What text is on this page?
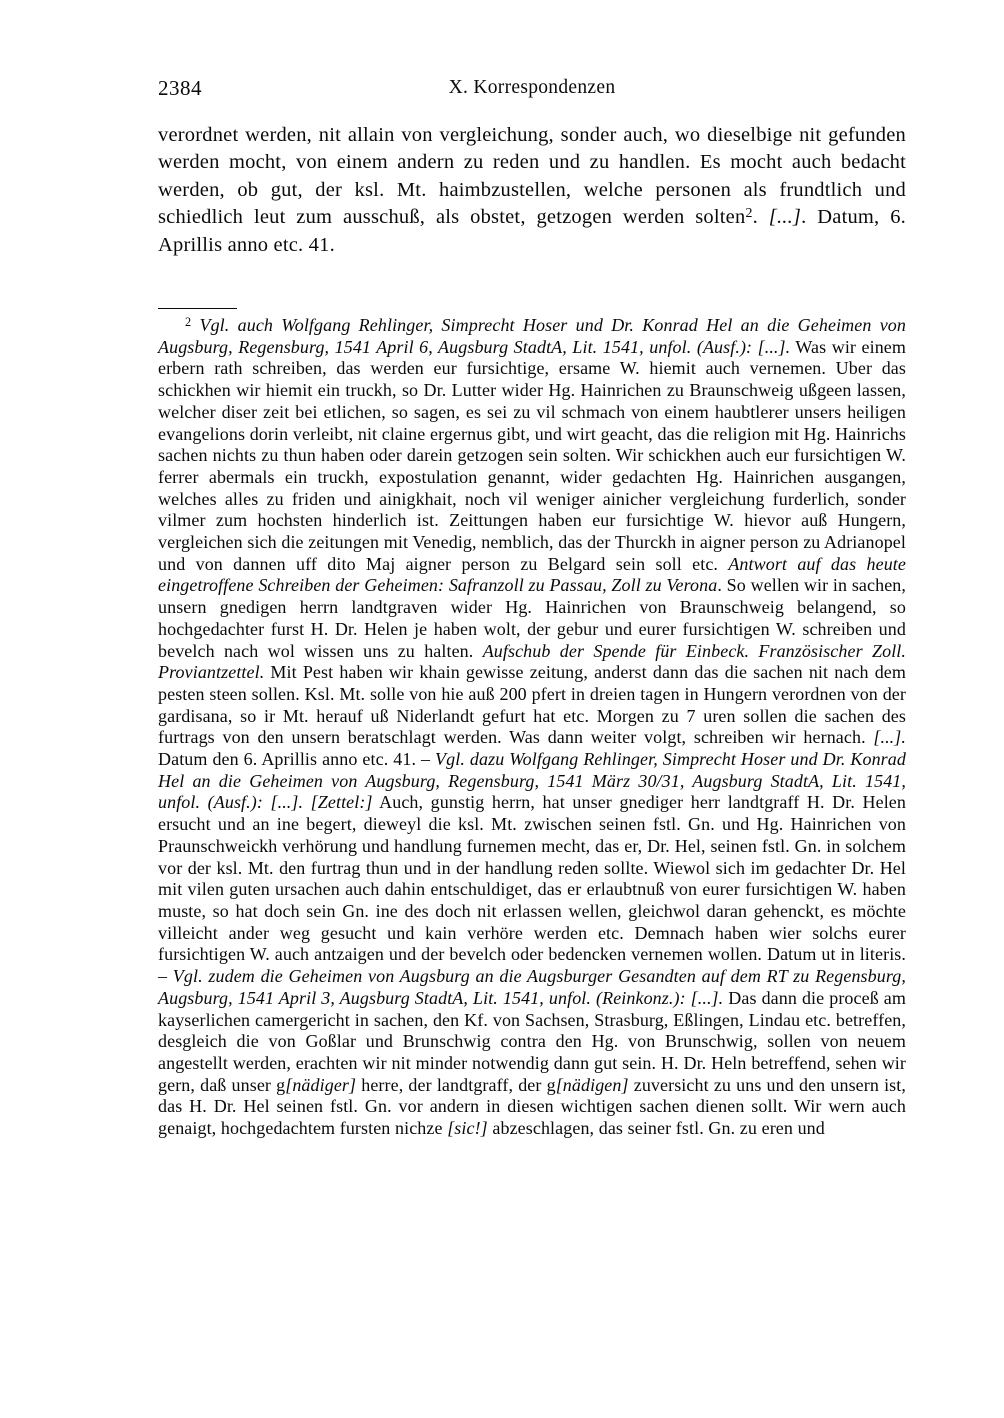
2384	X. Korrespondenzen
verordnet werden, nit allain von vergleichung, sonder auch, wo dieselbige nit gefunden werden mocht, von einem andern zu reden und zu handlen. Es mocht auch bedacht werden, ob gut, der ksl. Mt. haimbzustellen, welche personen als frundtlich und schiedlich leut zum ausschuß, als obstet, getzogen werden solten$^2$. [...]. Datum, 6. Aprillis anno etc. 41.
$^2$ Vgl. auch Wolfgang Rehlinger, Simprecht Hoser und Dr. Konrad Hel an die Geheimen von Augsburg, Regensburg, 1541 April 6, Augsburg StadtA, Lit. 1541, unfol. (Ausf.): [...]. Was wir einem erbern rath schreiben, das werden eur fursichtige, ersame W. hiemit auch vernemen. Uber das schickhen wir hiemit ein truckh, so Dr. Lutter wider Hg. Hainrichen zu Braunschweig ußgeen lassen, welcher diser zeit bei etlichen, so sagen, es sei zu vil schmach von einem haubtlerer unsers heiligen evangelions dorin verleibt, nit claine ergernus gibt, und wirt geacht, das die religion mit Hg. Hainrichs sachen nichts zu thun haben oder darein getzogen sein solten. Wir schickhen auch eur fursichtigen W. ferrer abermals ein truckh, expostulation genannt, wider gedachten Hg. Hainrichen ausgangen, welches alles zu friden und ainigkhait, noch vil weniger ainicher vergleichung furderlich, sonder vilmer zum hochsten hinderlich ist. Zeittungen haben eur fursichtige W. hievor auß Hungern, vergleichen sich die zeitungen mit Venedig, nemblich, das der Thurckh in aigner person zu Adrianopel und von dannen uff dito Maj aigner person zu Belgard sein soll etc. Antwort auf das heute eingetroffene Schreiben der Geheimen: Safranzoll zu Passau, Zoll zu Verona. So wellen wir in sachen, unsern gnedigen herrn landtgraven wider Hg. Hainrichen von Braunschweig belangend, so hochgedachter furst H. Dr. Helen je haben wolt, der gebur und eurer fursichtigen W. schreiben und bevelch nach wol wissen uns zu halten. Aufschub der Spende für Einbeck. Französischer Zoll. Proviantzettel. Mit Pest haben wir khain gewisse zeitung, anderst dann das die sachen nit nach dem pesten steen sollen. Ksl. Mt. solle von hie auß 200 pfert in dreien tagen in Hungern verordnen von der gardisana, so ir Mt. herauf uß Niderlandt gefurt hat etc. Morgen zu 7 uren sollen die sachen des furtrags von den unsern beratschlagt werden. Was dann weiter volgt, schreiben wir hernach. [...]. Datum den 6. Aprillis anno etc. 41. – Vgl. dazu Wolfgang Rehlinger, Simprecht Hoser und Dr. Konrad Hel an die Geheimen von Augsburg, Regensburg, 1541 März 30/31, Augsburg StadtA, Lit. 1541, unfol. (Ausf.): [...]. [Zettel:] Auch, gunstig herrn, hat unser gnediger herr landtgraff H. Dr. Helen ersucht und an ine begert, dieweyl die ksl. Mt. zwischen seinen fstl. Gn. und Hg. Hainrichen von Praunschweickh verhörung und handlung furnemen mecht, das er, Dr. Hel, seinen fstl. Gn. in solchem vor der ksl. Mt. den furtrag thun und in der handlung reden sollte. Wiewol sich im gedachter Dr. Hel mit vilen guten ursachen auch dahin entschuldiget, das er erlaubtnuß von eurer fursichtigen W. haben muste, so hat doch sein Gn. ine des doch nit erlassen wellen, gleichwol daran gehenckt, es möchte villeicht ander weg gesucht und kain verhöre werden etc. Demnach haben wier solchs eurer fursichtigen W. auch antzaigen und der bevelch oder bedencken vernemen wollen. Datum ut in literis. – Vgl. zudem die Geheimen von Augsburg an die Augsburger Gesandten auf dem RT zu Regensburg, Augsburg, 1541 April 3, Augsburg StadtA, Lit. 1541, unfol. (Reinkonz.): [...]. Das dann die proceß am kayserlichen camergericht in sachen, den Kf. von Sachsen, Strasburg, Eßlingen, Lindau etc. betreffen, desgleich die von Goßlar und Brunschwig contra den Hg. von Brunschwig, sollen von neuem angestellt werden, erachten wir nit minder notwendig dann gut sein. H. Dr. Heln betreffend, sehen wir gern, daß unser g[nädiger] herre, der landtgraff, der g[nädigen] zuversicht zu uns und den unsern ist, das H. Dr. Hel seinen fstl. Gn. vor andern in diesen wichtigen sachen dienen sollt. Wir wern auch genaigt, hochgedachtem fursten nichze [sic!] abzeschlagen, das seiner fstl. Gn. zu eren und
